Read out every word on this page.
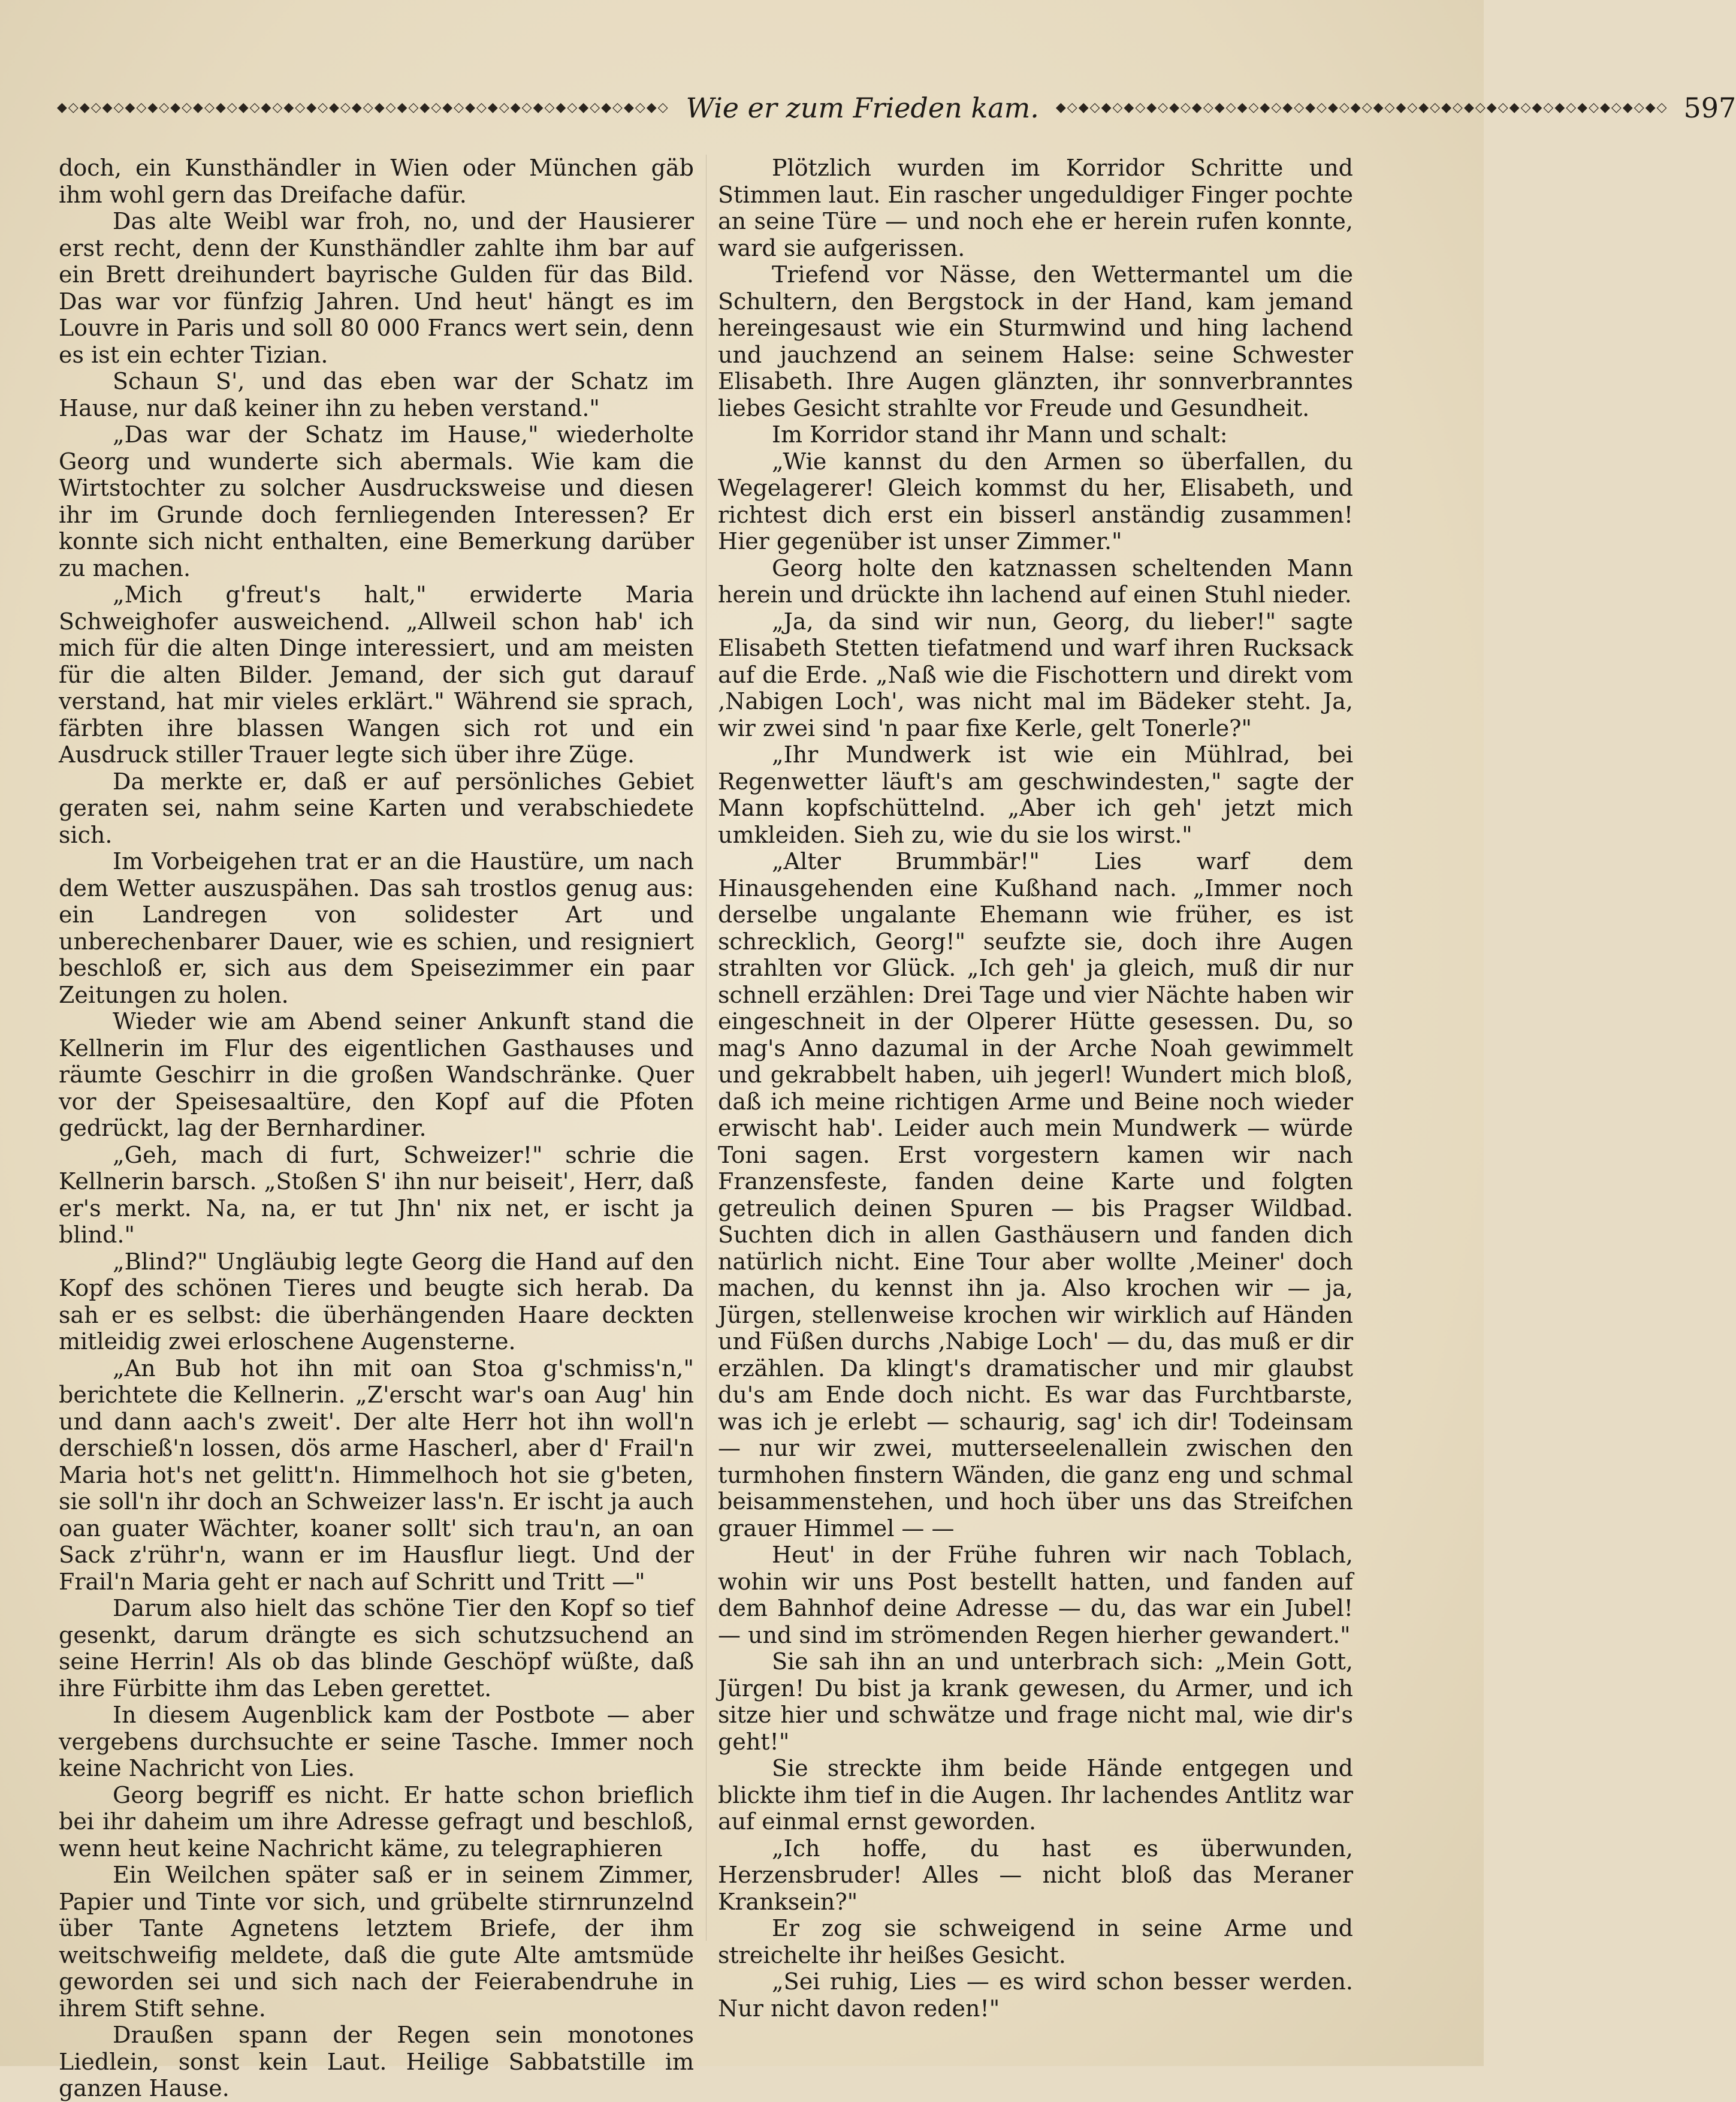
◆◇◆◇◆◇◆◇◆◇◆◇◆◇◆◇◆◇◆◇◆◇◆◇◆◇◆◇◆◇◆◇◆◇◆◇◆◇◆◇◆◇◆◇◆◇◆◇◆◇◆◇◆◇ Wie er zum Frieden kam.	◆◇◆◇◆◇◆◇◆◇◆◇◆◇◆◇◆◇◆◇◆◇◆◇◆◇◆◇◆◇◆◇◆◇◆◇◆◇◆◇◆◇◆◇◆◇◆◇◆◇◆◇◆◇ 597

doch, ein Kunsthändler in Wien oder München gäb ihm wohl gern das Dreifache dafür.

Das alte Weibl war froh, no, und der Hausierer erst recht, denn der Kunsthändler zahlte ihm bar auf ein Brett dreihundert bayrische Gulden für das Bild. Das war vor fünfzig Jahren. Und heut' hängt es im Louvre in Paris und soll 80 000 Francs wert sein, denn es ist ein echter Tizian.

Schaun S', und das eben war der Schatz im Hause, nur daß keiner ihn zu heben verstand."

„Das war der Schatz im Hause," wiederholte Georg und wunderte sich abermals. Wie kam die Wirtstochter zu solcher Ausdrucksweise und diesen ihr im Grunde doch fernliegenden Interessen? Er konnte sich nicht enthalten, eine Bemerkung darüber zu machen.

„Mich g'freut's halt," erwiderte Maria Schweighofer ausweichend. „Allweil schon hab' ich mich für die alten Dinge interessiert, und am meisten für die alten Bilder. Jemand, der sich gut darauf verstand, hat mir vieles erklärt." Während sie sprach, färbten ihre blassen Wangen sich rot und ein Ausdruck stiller Trauer legte sich über ihre Züge.

Da merkte er, daß er auf persönliches Gebiet geraten sei, nahm seine Karten und verabschiedete sich.

Im Vorbeigehen trat er an die Haustüre, um nach dem Wetter auszuspähen. Das sah trostlos genug aus: ein Landregen von solidester Art und unberechenbarer Dauer, wie es schien, und resigniert beschloß er, sich aus dem Speisezimmer ein paar Zeitungen zu holen.

Wieder wie am Abend seiner Ankunft stand die Kellnerin im Flur des eigentlichen Gasthauses und räumte Geschirr in die großen Wandschränke. Quer vor der Speisesaaltüre, den Kopf auf die Pfoten gedrückt, lag der Bernhardiner.

„Geh, mach di furt, Schweizer!" schrie die Kellnerin barsch. „Stoßen S' ihn nur beiseit', Herr, daß er's merkt. Na, na, er tut Jhn' nix net, er ischt ja blind."

„Blind?" Ungläubig legte Georg die Hand auf den Kopf des schönen Tieres und beugte sich herab. Da sah er es selbst: die überhängenden Haare deckten mitleidig zwei erloschene Augensterne.

„An Bub hot ihn mit oan Stoa g'schmiss'n," berichtete die Kellnerin. „Z'erscht war's oan Aug' hin und dann aach's zweit'. Der alte Herr hot ihn woll'n derschieß'n lossen, dös arme Hascherl, aber d' Frail'n Maria hot's net gelitt'n. Himmelhoch hot sie g'beten, sie soll'n ihr doch an Schweizer lass'n. Er ischt ja auch oan guater Wächter, koaner sollt' sich trau'n, an oan Sack z'rühr'n, wann er im Hausflur liegt. Und der Frail'n Maria geht er nach auf Schritt und Tritt —"

Darum also hielt das schöne Tier den Kopf so tief gesenkt, darum drängte es sich schutzsuchend an seine Herrin! Als ob das blinde Geschöpf wüßte, daß ihre Fürbitte ihm das Leben gerettet.

In diesem Augenblick kam der Postbote — aber vergebens durchsuchte er seine Tasche. Immer noch keine Nachricht von Lies.

Georg begriff es nicht. Er hatte schon brieflich bei ihr daheim um ihre Adresse gefragt und beschloß, wenn heut keine Nachricht käme, zu telegraphieren

Ein Weilchen später saß er in seinem Zimmer, Papier und Tinte vor sich, und grübelte stirnrunzelnd über Tante Agnetens letztem Briefe, der ihm weitschweifig meldete, daß die gute Alte amtsmüde geworden sei und sich nach der Feierabendruhe in ihrem Stift sehne.

Draußen spann der Regen sein monotones Liedlein, sonst kein Laut. Heilige Sabbatstille im ganzen Hause.

Plötzlich wurden im Korridor Schritte und Stimmen laut. Ein rascher ungeduldiger Finger pochte an seine Türe — und noch ehe er herein rufen konnte, ward sie aufgerissen.

Triefend vor Nässe, den Wettermantel um die Schultern, den Bergstock in der Hand, kam jemand hereingesaust wie ein Sturmwind und hing lachend und jauchzend an seinem Halse: seine Schwester Elisabeth. Ihre Augen glänzten, ihr sonnverbranntes liebes Gesicht strahlte vor Freude und Gesundheit.

Im Korridor stand ihr Mann und schalt:

„Wie kannst du den Armen so überfallen, du Wegelagerer! Gleich kommst du her, Elisabeth, und richtest dich erst ein bisserl anständig zusammen! Hier gegenüber ist unser Zimmer."

Georg holte den katznassen scheltenden Mann herein und drückte ihn lachend auf einen Stuhl nieder.

„Ja, da sind wir nun, Georg, du lieber!" sagte Elisabeth Stetten tiefatmend und warf ihren Rucksack auf die Erde. „Naß wie die Fischottern und direkt vom ‚Nabigen Loch', was nicht mal im Bädeker steht. Ja, wir zwei sind 'n paar fixe Kerle, gelt Tonerle?"

„Ihr Mundwerk ist wie ein Mühlrad, bei Regenwetter läuft's am geschwindesten," sagte der Mann kopfschüttelnd. „Aber ich geh' jetzt mich umkleiden. Sieh zu, wie du sie los wirst."

„Alter Brummbär!" Lies warf dem Hinausgehenden eine Kußhand nach. „Immer noch derselbe ungalante Ehemann wie früher, es ist schrecklich, Georg!" seufzte sie, doch ihre Augen strahlten vor Glück. „Ich geh' ja gleich, muß dir nur schnell erzählen: Drei Tage und vier Nächte haben wir eingeschneit in der Olperer Hütte gesessen. Du, so mag's Anno dazumal in der Arche Noah gewimmelt und gekrabbelt haben, uih jegerl! Wundert mich bloß, daß ich meine richtigen Arme und Beine noch wieder erwischt hab'. Leider auch mein Mundwerk — würde Toni sagen. Erst vorgestern kamen wir nach Franzensfeste, fanden deine Karte und folgten getreulich deinen Spuren — bis Pragser Wildbad. Suchten dich in allen Gasthäusern und fanden dich natürlich nicht. Eine Tour aber wollte ‚Meiner' doch machen, du kennst ihn ja. Also krochen wir — ja, Jürgen, stellenweise krochen wir wirklich auf Händen und Füßen durchs ‚Nabige Loch' — du, das muß er dir erzählen. Da klingt's dramatischer und mir glaubst du's am Ende doch nicht. Es war das Furchtbarste, was ich je erlebt — schaurig, sag' ich dir! Todeinsam — nur wir zwei, mutterseelenallein zwischen den turmhohen finstern Wänden, die ganz eng und schmal beisammenstehen, und hoch über uns das Streifchen grauer Himmel — —

Heut' in der Frühe fuhren wir nach Toblach, wohin wir uns Post bestellt hatten, und fanden auf dem Bahnhof deine Adresse — du, das war ein Jubel! — und sind im strömenden Regen hierher gewandert."

Sie sah ihn an und unterbrach sich: „Mein Gott, Jürgen! Du bist ja krank gewesen, du Armer, und ich sitze hier und schwätze und frage nicht mal, wie dir's geht!"

Sie streckte ihm beide Hände entgegen und blickte ihm tief in die Augen. Ihr lachendes Antlitz war auf einmal ernst geworden.

„Ich hoffe, du hast es überwunden, Herzensbruder! Alles — nicht bloß das Meraner Kranksein?"

Er zog sie schweigend in seine Arme und streichelte ihr heißes Gesicht.

„Sei ruhig, Lies — es wird schon besser werden. Nur nicht davon reden!"
